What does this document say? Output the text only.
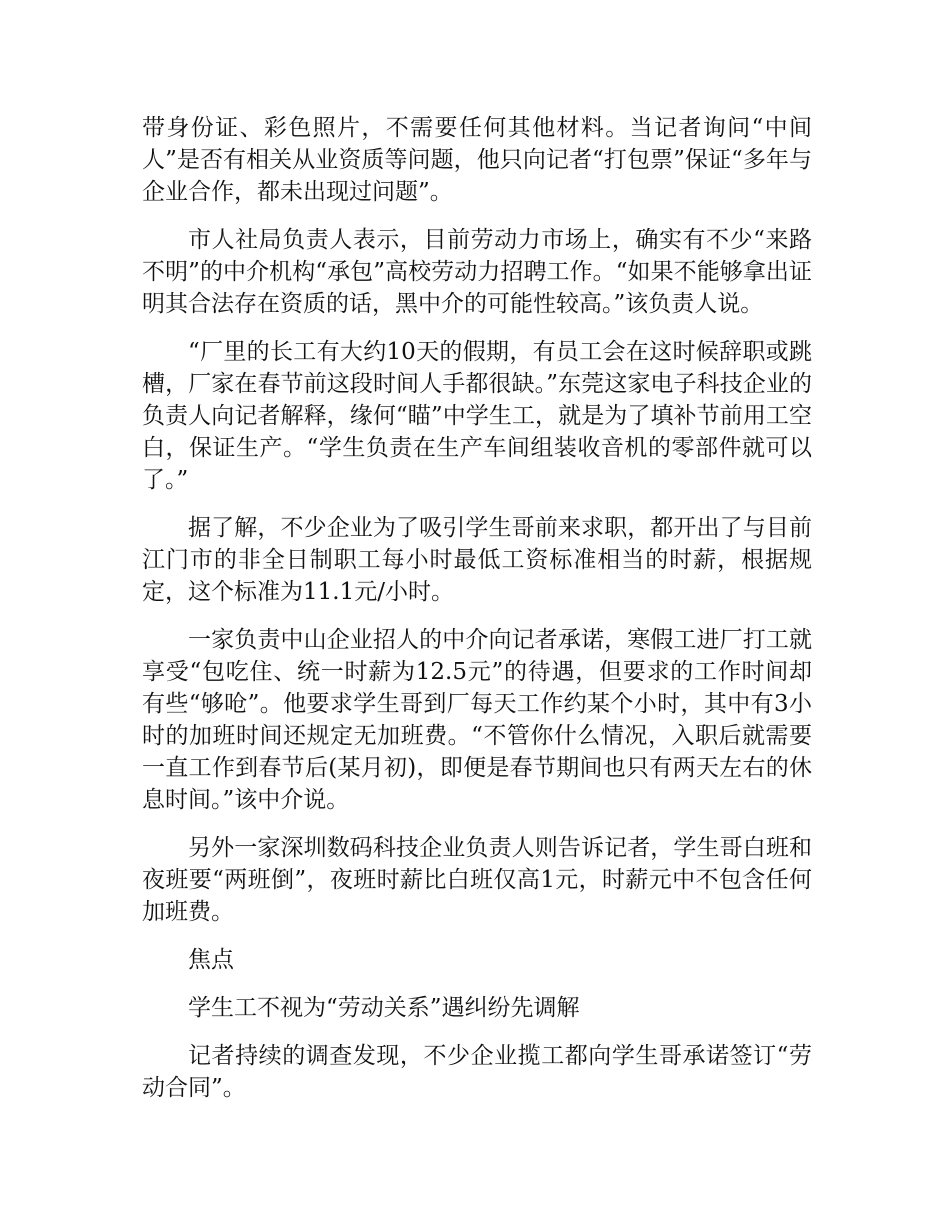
带身份证、彩色照片，不需要任何其他材料。当记者询问“中间人”是否有相关从业资质等问题，他只向记者“打包票”保证“多年与企业合作，都未出现过问题”。

市人社局负责人表示，目前劳动力市场上，确实有不少“来路不明”的中介机构“承包”高校劳动力招聘工作。“如果不能够拿出证明其合法存在资质的话，黑中介的可能性较高。”该负责人说。

“厂里的长工有大约10天的假期，有员工会在这时候辞职或跳槽，厂家在春节前这段时间人手都很缺。”东莞这家电子科技企业的负责人向记者解释，缘何“瞄”中学生工，就是为了填补节前用工空白，保证生产。“学生负责在生产车间组装收音机的零部件就可以了。”

据了解，不少企业为了吸引学生哥前来求职，都开出了与目前江门市的非全日制职工每小时最低工资标准相当的时薪，根据规定，这个标准为11.1元/小时。

一家负责中山企业招人的中介向记者承诺，寒假工进厂打工就享受“包吃住、统一时薪为12.5元”的待遇，但要求的工作时间却有些“够呛”。他要求学生哥到厂每天工作约某个小时，其中有3小时的加班时间还规定无加班费。“不管你什么情况，入职后就需要一直工作到春节后(某月初)，即便是春节期间也只有两天左右的休息时间。”该中介说。

另外一家深圳数码科技企业负责人则告诉记者，学生哥白班和夜班要“两班倒”，夜班时薪比白班仅高1元，时薪元中不包含任何加班费。

焦点

学生工不视为“劳动关系”遇纠纷先调解

记者持续的调查发现，不少企业揽工都向学生哥承诺签订“劳动合同”。
